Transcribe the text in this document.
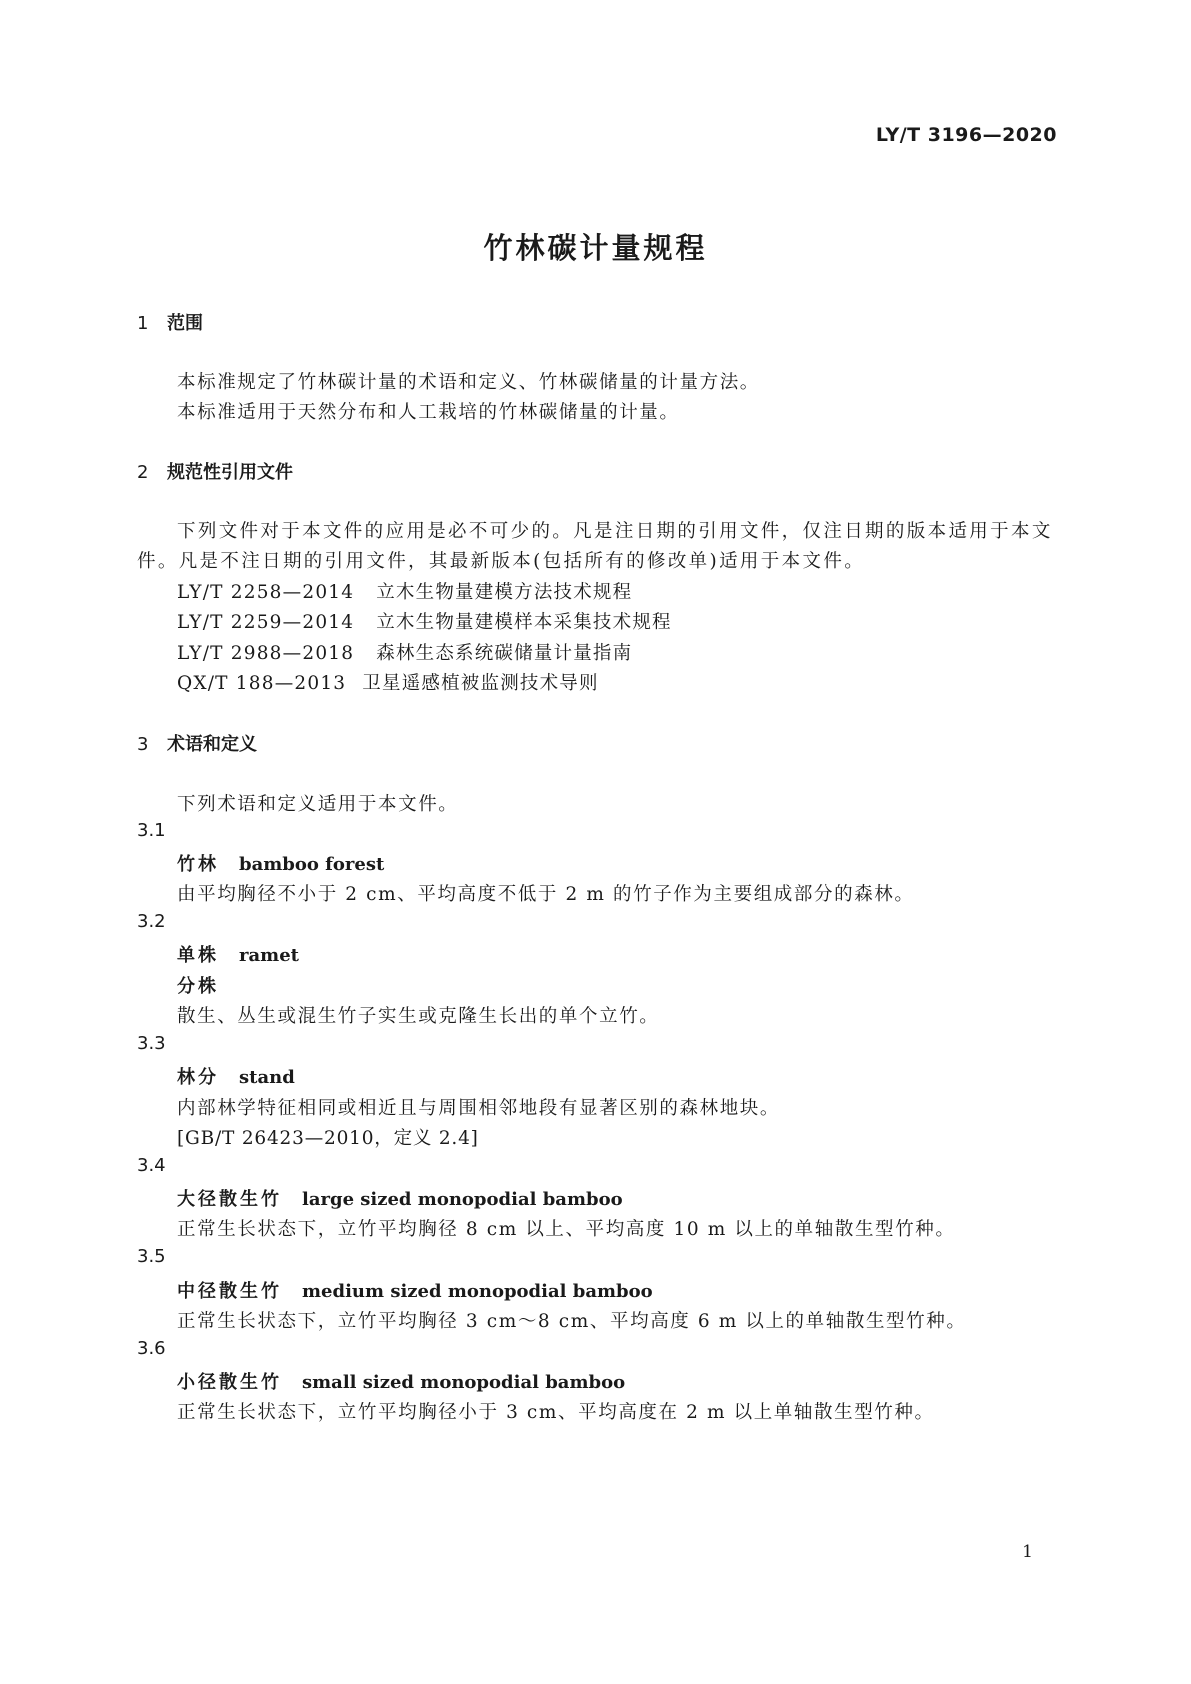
LY/T 3196—2020
竹林碳计量规程
1 范围
本标准规定了竹林碳计量的术语和定义、竹林碳储量的计量方法。
本标准适用于天然分布和人工栽培的竹林碳储量的计量。
2 规范性引用文件
下列文件对于本文件的应用是必不可少的。凡是注日期的引用文件，仅注日期的版本适用于本文
件。凡是不注日期的引用文件，其最新版本(包括所有的修改单)适用于本文件。
LY/T 2258—2014 立木生物量建模方法技术规程
LY/T 2259—2014 立木生物量建模样本采集技术规程
LY/T 2988—2018 森林生态系统碳储量计量指南
QX/T 188—2013 卫星遥感植被监测技术导则
3 术语和定义
下列术语和定义适用于本文件。
3.1
竹林 bamboo forest
由平均胸径不小于 2 cm、平均高度不低于 2 m 的竹子作为主要组成部分的森林。
3.2
单株 ramet
分株
散生、丛生或混生竹子实生或克隆生长出的单个立竹。
3.3
林分 stand
内部林学特征相同或相近且与周围相邻地段有显著区别的森林地块。
[GB/T 26423—2010，定义 2.4]
3.4
大径散生竹 large sized monopodial bamboo
正常生长状态下，立竹平均胸径 8 cm 以上、平均高度 10 m 以上的单轴散生型竹种。
3.5
中径散生竹 medium sized monopodial bamboo
正常生长状态下，立竹平均胸径 3 cm～8 cm、平均高度 6 m 以上的单轴散生型竹种。
3.6
小径散生竹 small sized monopodial bamboo
正常生长状态下，立竹平均胸径小于 3 cm、平均高度在 2 m 以上单轴散生型竹种。
1
